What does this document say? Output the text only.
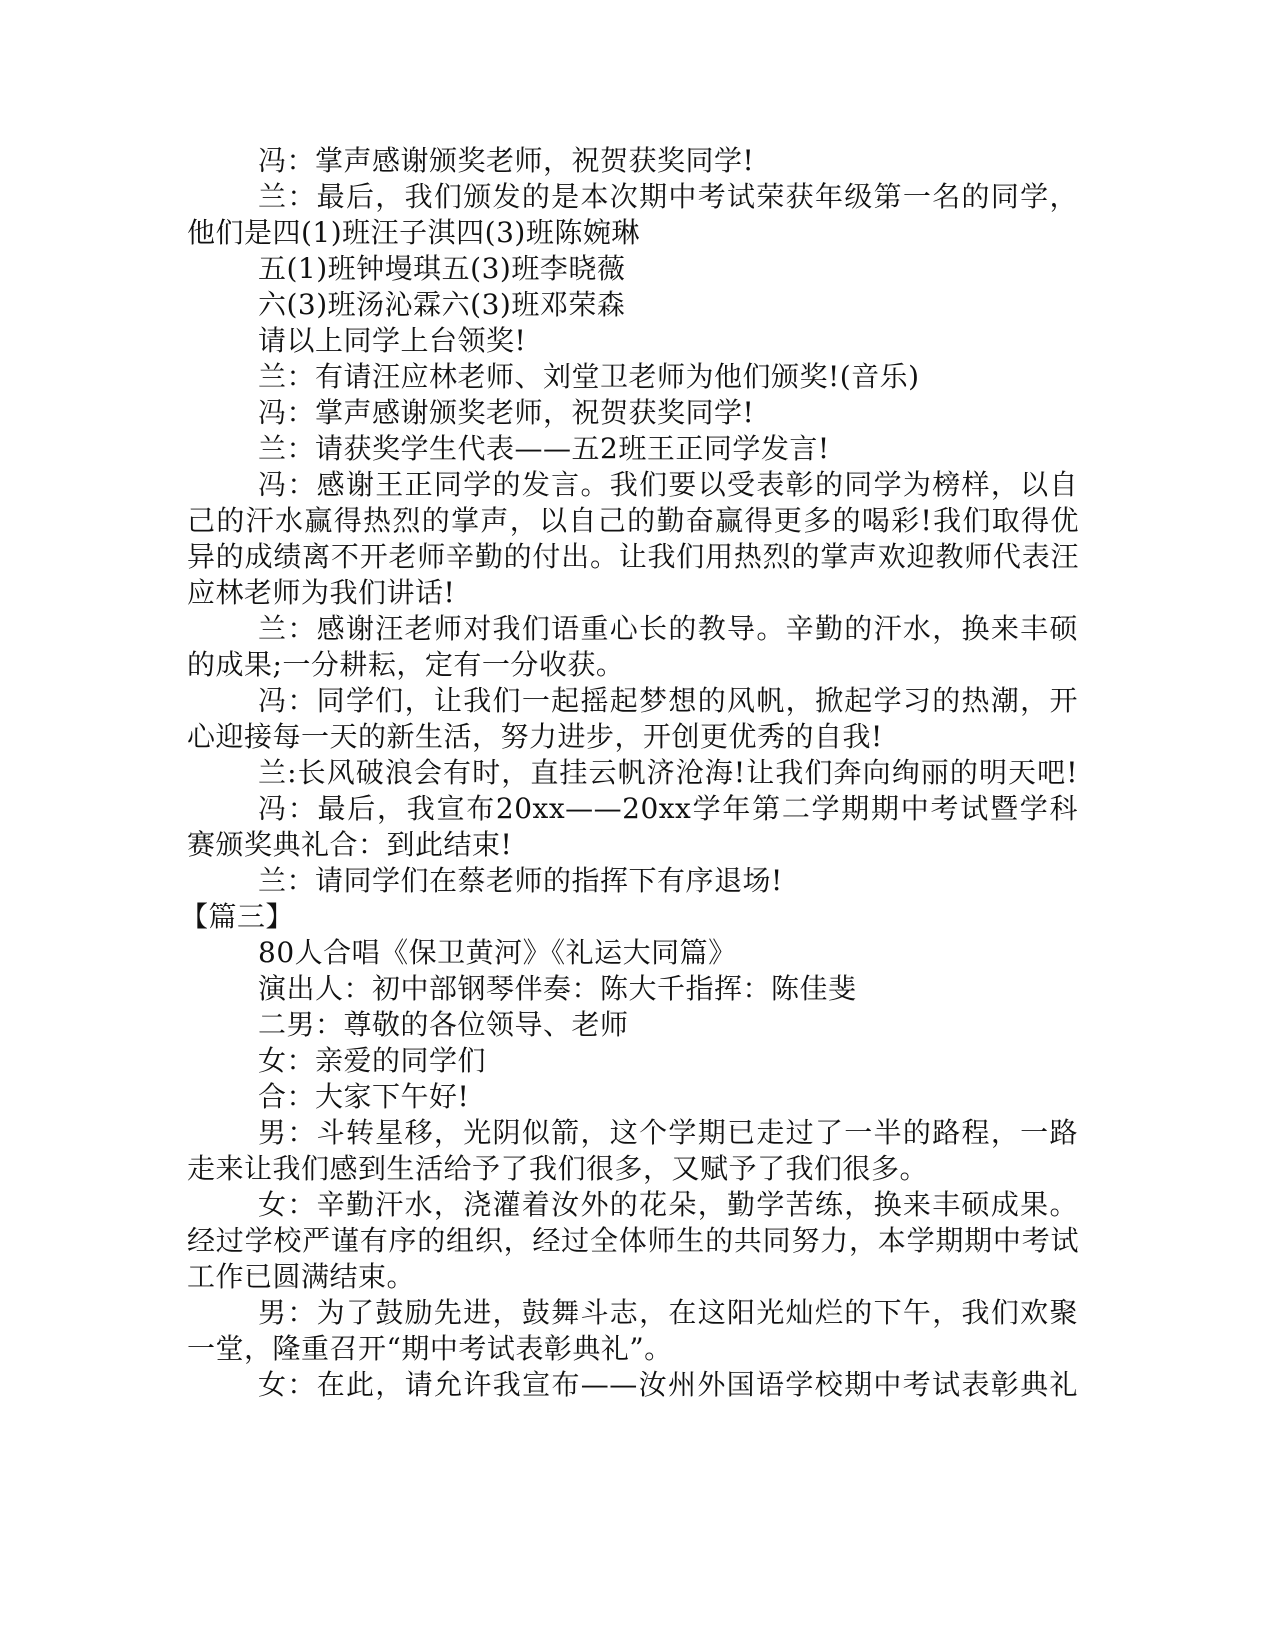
冯：掌声感谢颁奖老师，祝贺获奖同学!
兰：最后，我们颁发的是本次期中考试荣获年级第一名的同学，
他们是四(1)班汪子淇四(3)班陈婉琳
五(1)班钟墁琪五(3)班李晓薇
六(3)班汤沁霖六(3)班邓荣森
请以上同学上台领奖!
兰：有请汪应林老师、刘堂卫老师为他们颁奖!(音乐)
冯：掌声感谢颁奖老师，祝贺获奖同学!
兰：请获奖学生代表——五2班王正同学发言!
冯：感谢王正同学的发言。我们要以受表彰的同学为榜样，以自
己的汗水赢得热烈的掌声，以自己的勤奋赢得更多的喝彩!我们取得优
异的成绩离不开老师辛勤的付出。让我们用热烈的掌声欢迎教师代表汪
应林老师为我们讲话!
兰：感谢汪老师对我们语重心长的教导。辛勤的汗水，换来丰硕
的成果;一分耕耘，定有一分收获。
冯：同学们，让我们一起摇起梦想的风帆，掀起学习的热潮，开
心迎接每一天的新生活，努力进步，开创更优秀的自我!
兰:长风破浪会有时，直挂云帆济沧海!让我们奔向绚丽的明天吧!
冯：最后，我宣布20xx——20xx学年第二学期期中考试暨学科
赛颁奖典礼合：到此结束!
兰：请同学们在蔡老师的指挥下有序退场!
【篇三】
80人合唱《保卫黄河》《礼运大同篇》
演出人：初中部钢琴伴奏：陈大千指挥：陈佳斐
二男：尊敬的各位领导、老师
女：亲爱的同学们
合：大家下午好!
男：斗转星移，光阴似箭，这个学期已走过了一半的路程，一路
走来让我们感到生活给予了我们很多，又赋予了我们很多。
女：辛勤汗水，浇灌着汝外的花朵，勤学苦练，换来丰硕成果。
经过学校严谨有序的组织，经过全体师生的共同努力，本学期期中考试
工作已圆满结束。
男：为了鼓励先进，鼓舞斗志，在这阳光灿烂的下午，我们欢聚
一堂，隆重召开“期中考试表彰典礼”。
女：在此，请允许我宣布——汝州外国语学校期中考试表彰典礼
